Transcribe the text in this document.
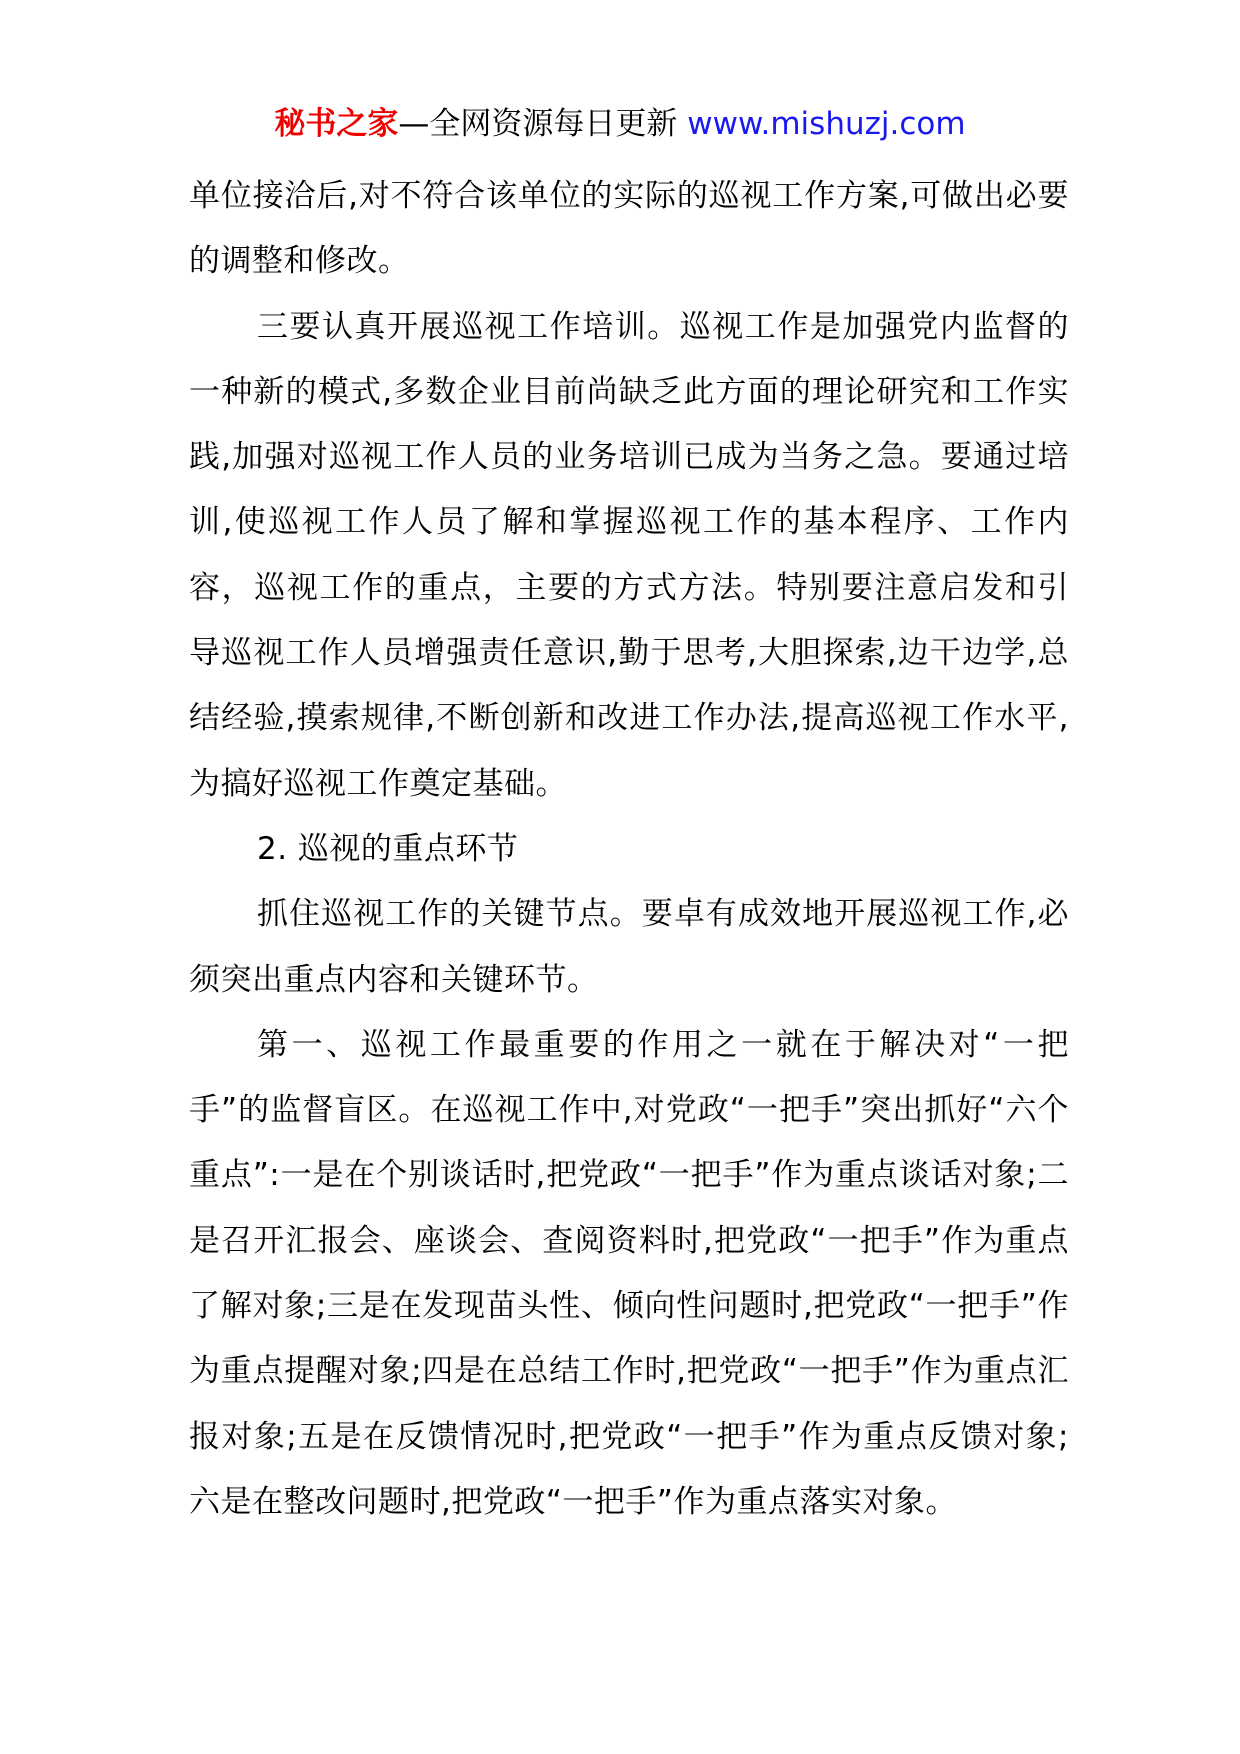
秘书之家—全网资源每日更新 www.mishuzj.com

单位接洽后,对不符合该单位的实际的巡视工作方案,可做出必要的调整和修改。

三要认真开展巡视工作培训。巡视工作是加强党内监督的一种新的模式,多数企业目前尚缺乏此方面的理论研究和工作实践,加强对巡视工作人员的业务培训已成为当务之急。要通过培训,使巡视工作人员了解和掌握巡视工作的基本程序、工作内容，巡视工作的重点，主要的方式方法。特别要注意启发和引导巡视工作人员增强责任意识,勤于思考,大胆探索,边干边学,总结经验,摸索规律,不断创新和改进工作办法,提高巡视工作水平,为搞好巡视工作奠定基础。

2. 巡视的重点环节

抓住巡视工作的关键节点。要卓有成效地开展巡视工作,必须突出重点内容和关键环节。

第一、巡视工作最重要的作用之一就在于解决对“一把手”的监督盲区。在巡视工作中,对党政“一把手”突出抓好“六个重点”:一是在个别谈话时,把党政“一把手”作为重点谈话对象;二是召开汇报会、座谈会、查阅资料时,把党政“一把手”作为重点了解对象;三是在发现苗头性、倾向性问题时,把党政“一把手”作为重点提醒对象;四是在总结工作时,把党政“一把手”作为重点汇报对象;五是在反馈情况时,把党政“一把手”作为重点反馈对象;六是在整改问题时,把党政“一把手”作为重点落实对象。
